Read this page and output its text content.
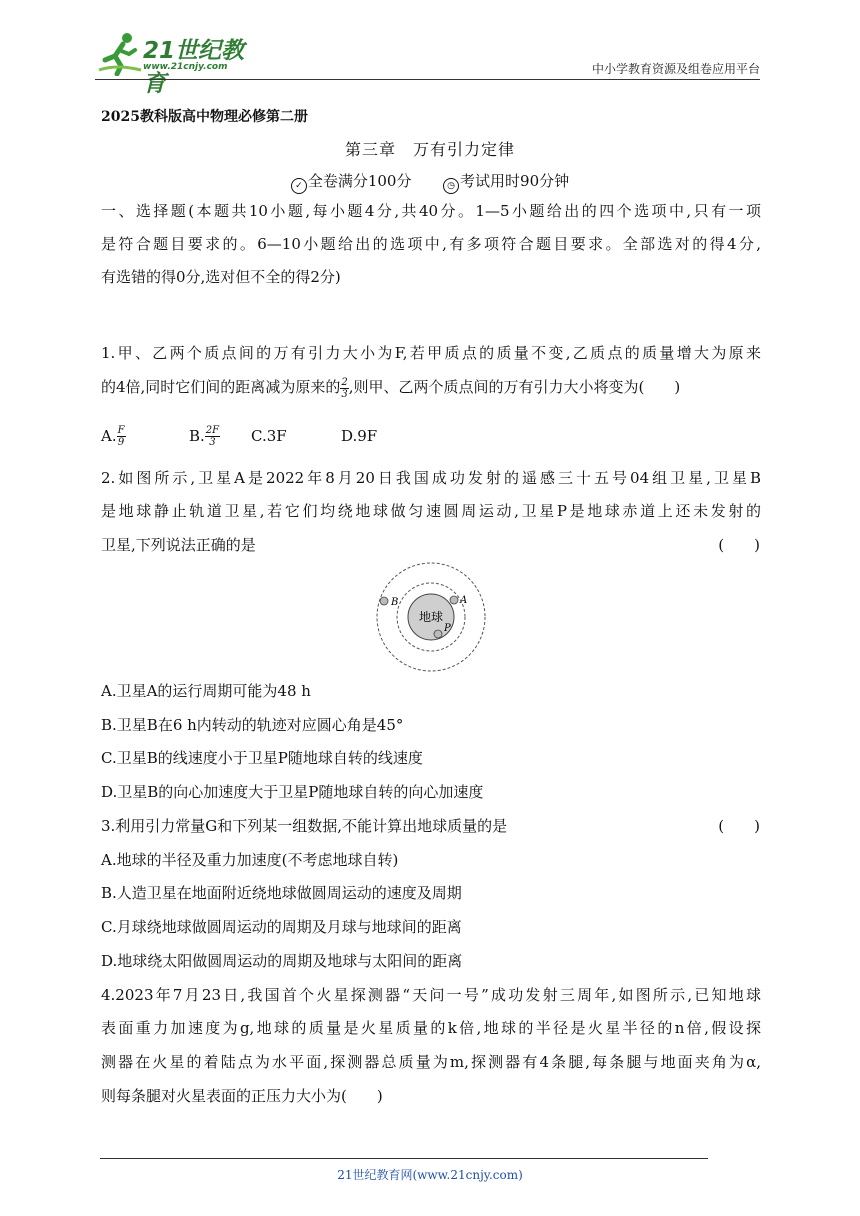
21世纪教育
www.21cnjy.com	中小学教育资源及组卷应用平台
2025教科版高中物理必修第二册
第三章　万有引力定律
✓ 全卷满分100分	◷ 考试用时90分钟
一、选择题(本题共10小题,每小题4分,共40分。1—5小题给出的四个选项中,只有一项
是符合题目要求的。6—10小题给出的选项中,有多项符合题目要求。全部选对的得4分,
有选错的得0分,选对但不全的得2分)
1.甲、乙两个质点间的万有引力大小为F,若甲质点的质量不变,乙质点的质量增大为原来
的4倍,同时它们间的距离减为原来的 $\frac{2}{3}$ ,则甲、乙两个质点间的万有引力大小将变为(　　)
A. $\frac{F}{9}$	B. $\frac{2F}{3} C.3F$	D.9F
2.如图所示,卫星A是2022年8月20日我国成功发射的遥感三十五号04组卫星,卫星B
是地球静止轨道卫星,若它们均绕地球做匀速圆周运动,卫星P是地球赤道上还未发射的
卫星,下列说法正确的是	(　　)
地球
B	A
P
A.卫星A的运行周期可能为48 h
B.卫星B在6 h内转动的轨迹对应圆心角是45°
C.卫星B的线速度小于卫星P随地球自转的线速度
D.卫星B的向心加速度大于卫星P随地球自转的向心加速度
3.利用引力常量G和下列某一组数据,不能计算出地球质量的是	(　　)
A.地球的半径及重力加速度(不考虑地球自转)
B.人造卫星在地面附近绕地球做圆周运动的速度及周期
C.月球绕地球做圆周运动的周期及月球与地球间的距离
D.地球绕太阳做圆周运动的周期及地球与太阳间的距离
4.2023年7月23日,我国首个火星探测器“天问一号”成功发射三周年,如图所示,已知地球
表面重力加速度为g,地球的质量是火星质量的k倍,地球的半径是火星半径的n倍,假设探
测器在火星的着陆点为水平面,探测器总质量为m,探测器有4条腿,每条腿与地面夹角为α,
则每条腿对火星表面的正压力大小为(　　)
21世纪教育网(www.21cnjy.com)
